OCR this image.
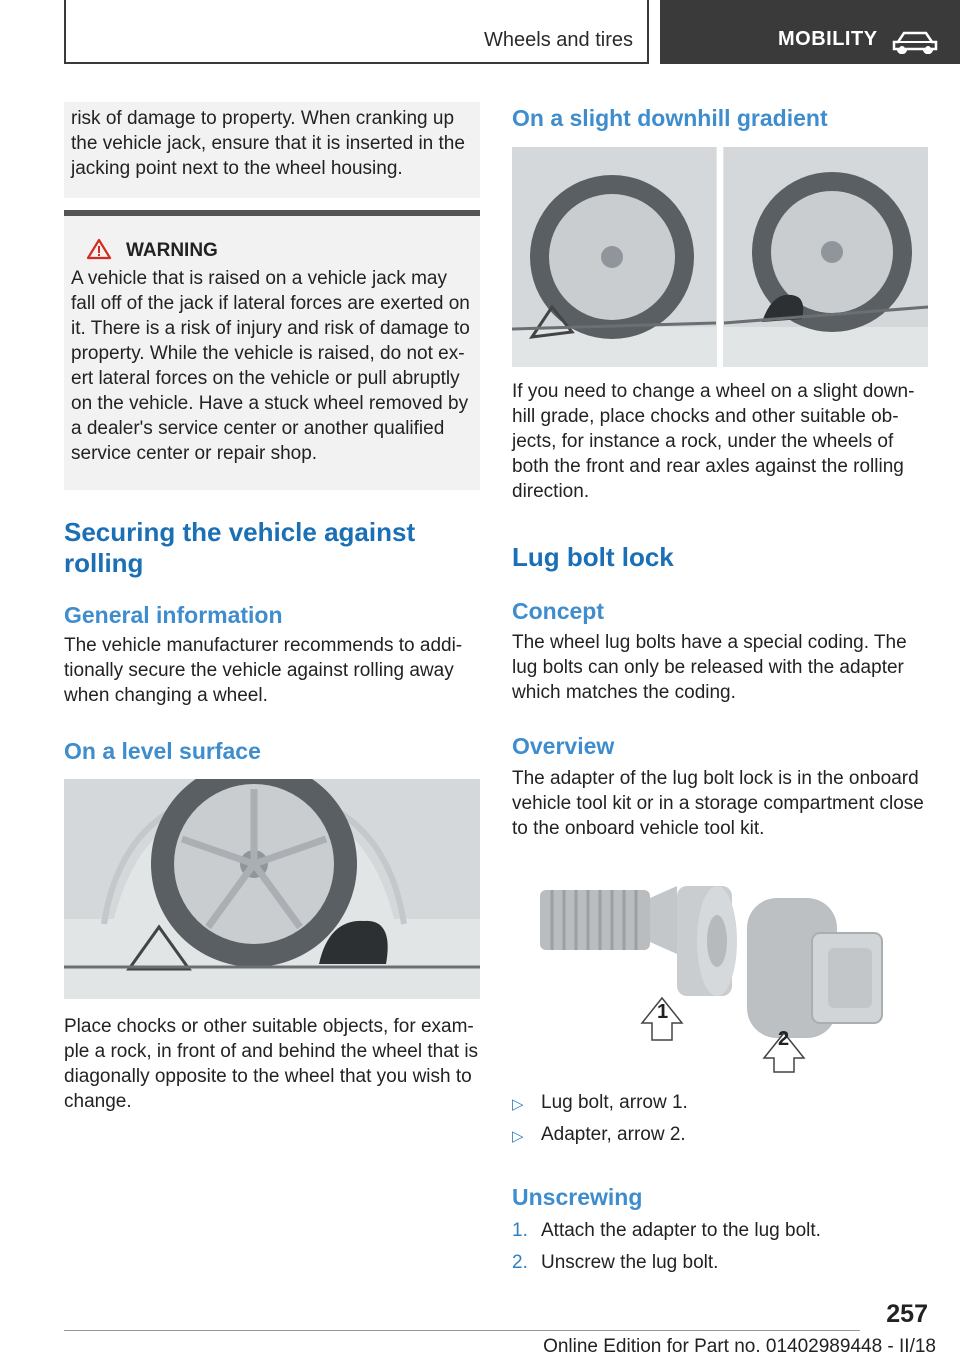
Wheels and tires	MOBILITY
risk of damage to property. When cranking up the vehicle jack, ensure that it is inserted in the jacking point next to the wheel housing.
WARNING
A vehicle that is raised on a vehicle jack may fall off of the jack if lateral forces are exerted on it. There is a risk of injury and risk of damage to property. While the vehicle is raised, do not ex-ert lateral forces on the vehicle or pull abruptly on the vehicle. Have a stuck wheel removed by a dealer's service center or another qualified service center or repair shop.
Securing the vehicle against
rolling
General information
The vehicle manufacturer recommends to addi-tionally secure the vehicle against rolling away when changing a wheel.
On a level surface
Place chocks or other suitable objects, for exam-ple a rock, in front of and behind the wheel that is diagonally opposite to the wheel that you wish to change.
On a slight downhill gradient
If you need to change a wheel on a slight down-hill grade, place chocks and other suitable ob-jects, for instance a rock, under the wheels of both the front and rear axles against the rolling direction.
Lug bolt lock
Concept
The wheel lug bolts have a special coding. The lug bolts can only be released with the adapter which matches the coding.
Overview
The adapter of the lug bolt lock is in the onboard vehicle tool kit or in a storage compartment close to the onboard vehicle tool kit.
1
2
▷ Lug bolt, arrow 1.
▷ Adapter, arrow 2.
Unscrewing
1. Attach the adapter to the lug bolt.
2. Unscrew the lug bolt.
257
Online Edition for Part no. 01402989448 - II/18
